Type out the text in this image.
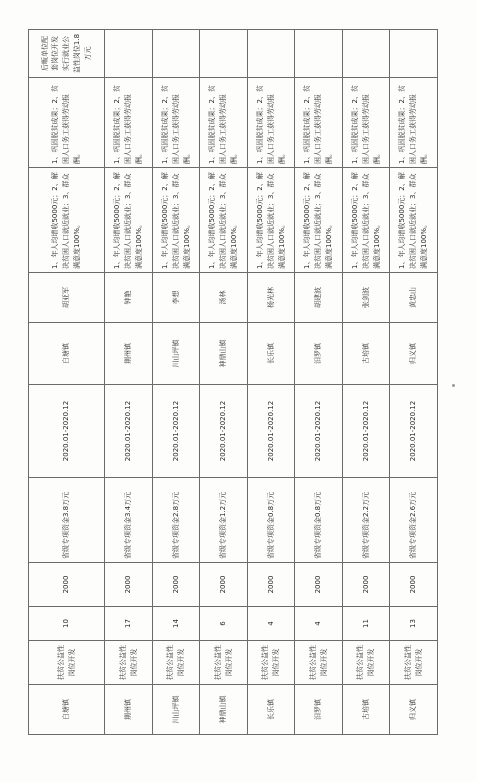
白塘镇	扶贫公益性岗位开发	10	2000	省级专项资金3.8万元	2020.01-2020.12	白塘镇	胡亚军	1、年人均增收5000元；2、解决贫困人口就近就业；3、群众满意度100%。	1、巩固脱贫成果；2、贫困人口务工获得劳动报酬。	后畈单位配套岗位开发实行就业公益性岗位1.8万元
荆州镇	扶贫公益性岗位开发	17	2000	省级专项资金3.4万元	2020.01-2020.12	荆州镇	钟艳	1、年人均增收5000元；2、解决贫困人口就近就业；3、群众满意度100%。	1、巩固脱贫成果；2、贫困人口务工获得劳动报酬。	
川山坪镇	扶贫公益性岗位开发	14	2000	省级专项资金2.8万元	2020.01-2020.12	川山坪镇	李想	1、年人均增收5000元；2、解决贫困人口就近就业；3、群众满意度100%。	1、巩固脱贫成果；2、贫困人口务工获得劳动报酬。	
神鼎山镇	扶贫公益性岗位开发	6	2000	省级专项资金1.2万元	2020.01-2020.12	神鼎山镇	汤林	1、年人均增收5000元；2、解决贫困人口就近就业；3、群众满意度100%。	1、巩固脱贫成果；2、贫困人口务工获得劳动报酬。	
长乐镇	扶贫公益性岗位开发	4	2000	省级专项资金0.8万元	2020.01-2020.12	长乐镇	杨光林	1、年人均增收5000元；2、解决贫困人口就近就业；3、群众满意度100%。	1、巩固脱贫成果；2、贫困人口务工获得劳动报酬。	
汨罗镇	扶贫公益性岗位开发	4	2000	省级专项资金0.8万元	2020.01-2020.12	汨罗镇	胡建波	1、年人均增收5000元；2、解决贫困人口就近就业；3、群众满意度100%。	1、巩固脱贫成果；2、贫困人口务工获得劳动报酬。	
古培镇	扶贫公益性岗位开发	11	2000	省级专项资金2.2万元	2020.01-2020.12	古培镇	张剑波	1、年人均增收5000元；2、解决贫困人口就近就业；3、群众满意度100%。	1、巩固脱贫成果；2、贫困人口务工获得劳动报酬。	
归义镇	扶贫公益性岗位开发	13	2000	省级专项资金2.6万元	2020.01-2020.12	归义镇	黄忠山	1、年人均增收5000元；2、解决贫困人口就近就业；3、群众满意度100%。	1、巩固脱贫成果；2、贫困人口务工获得劳动报酬。	
